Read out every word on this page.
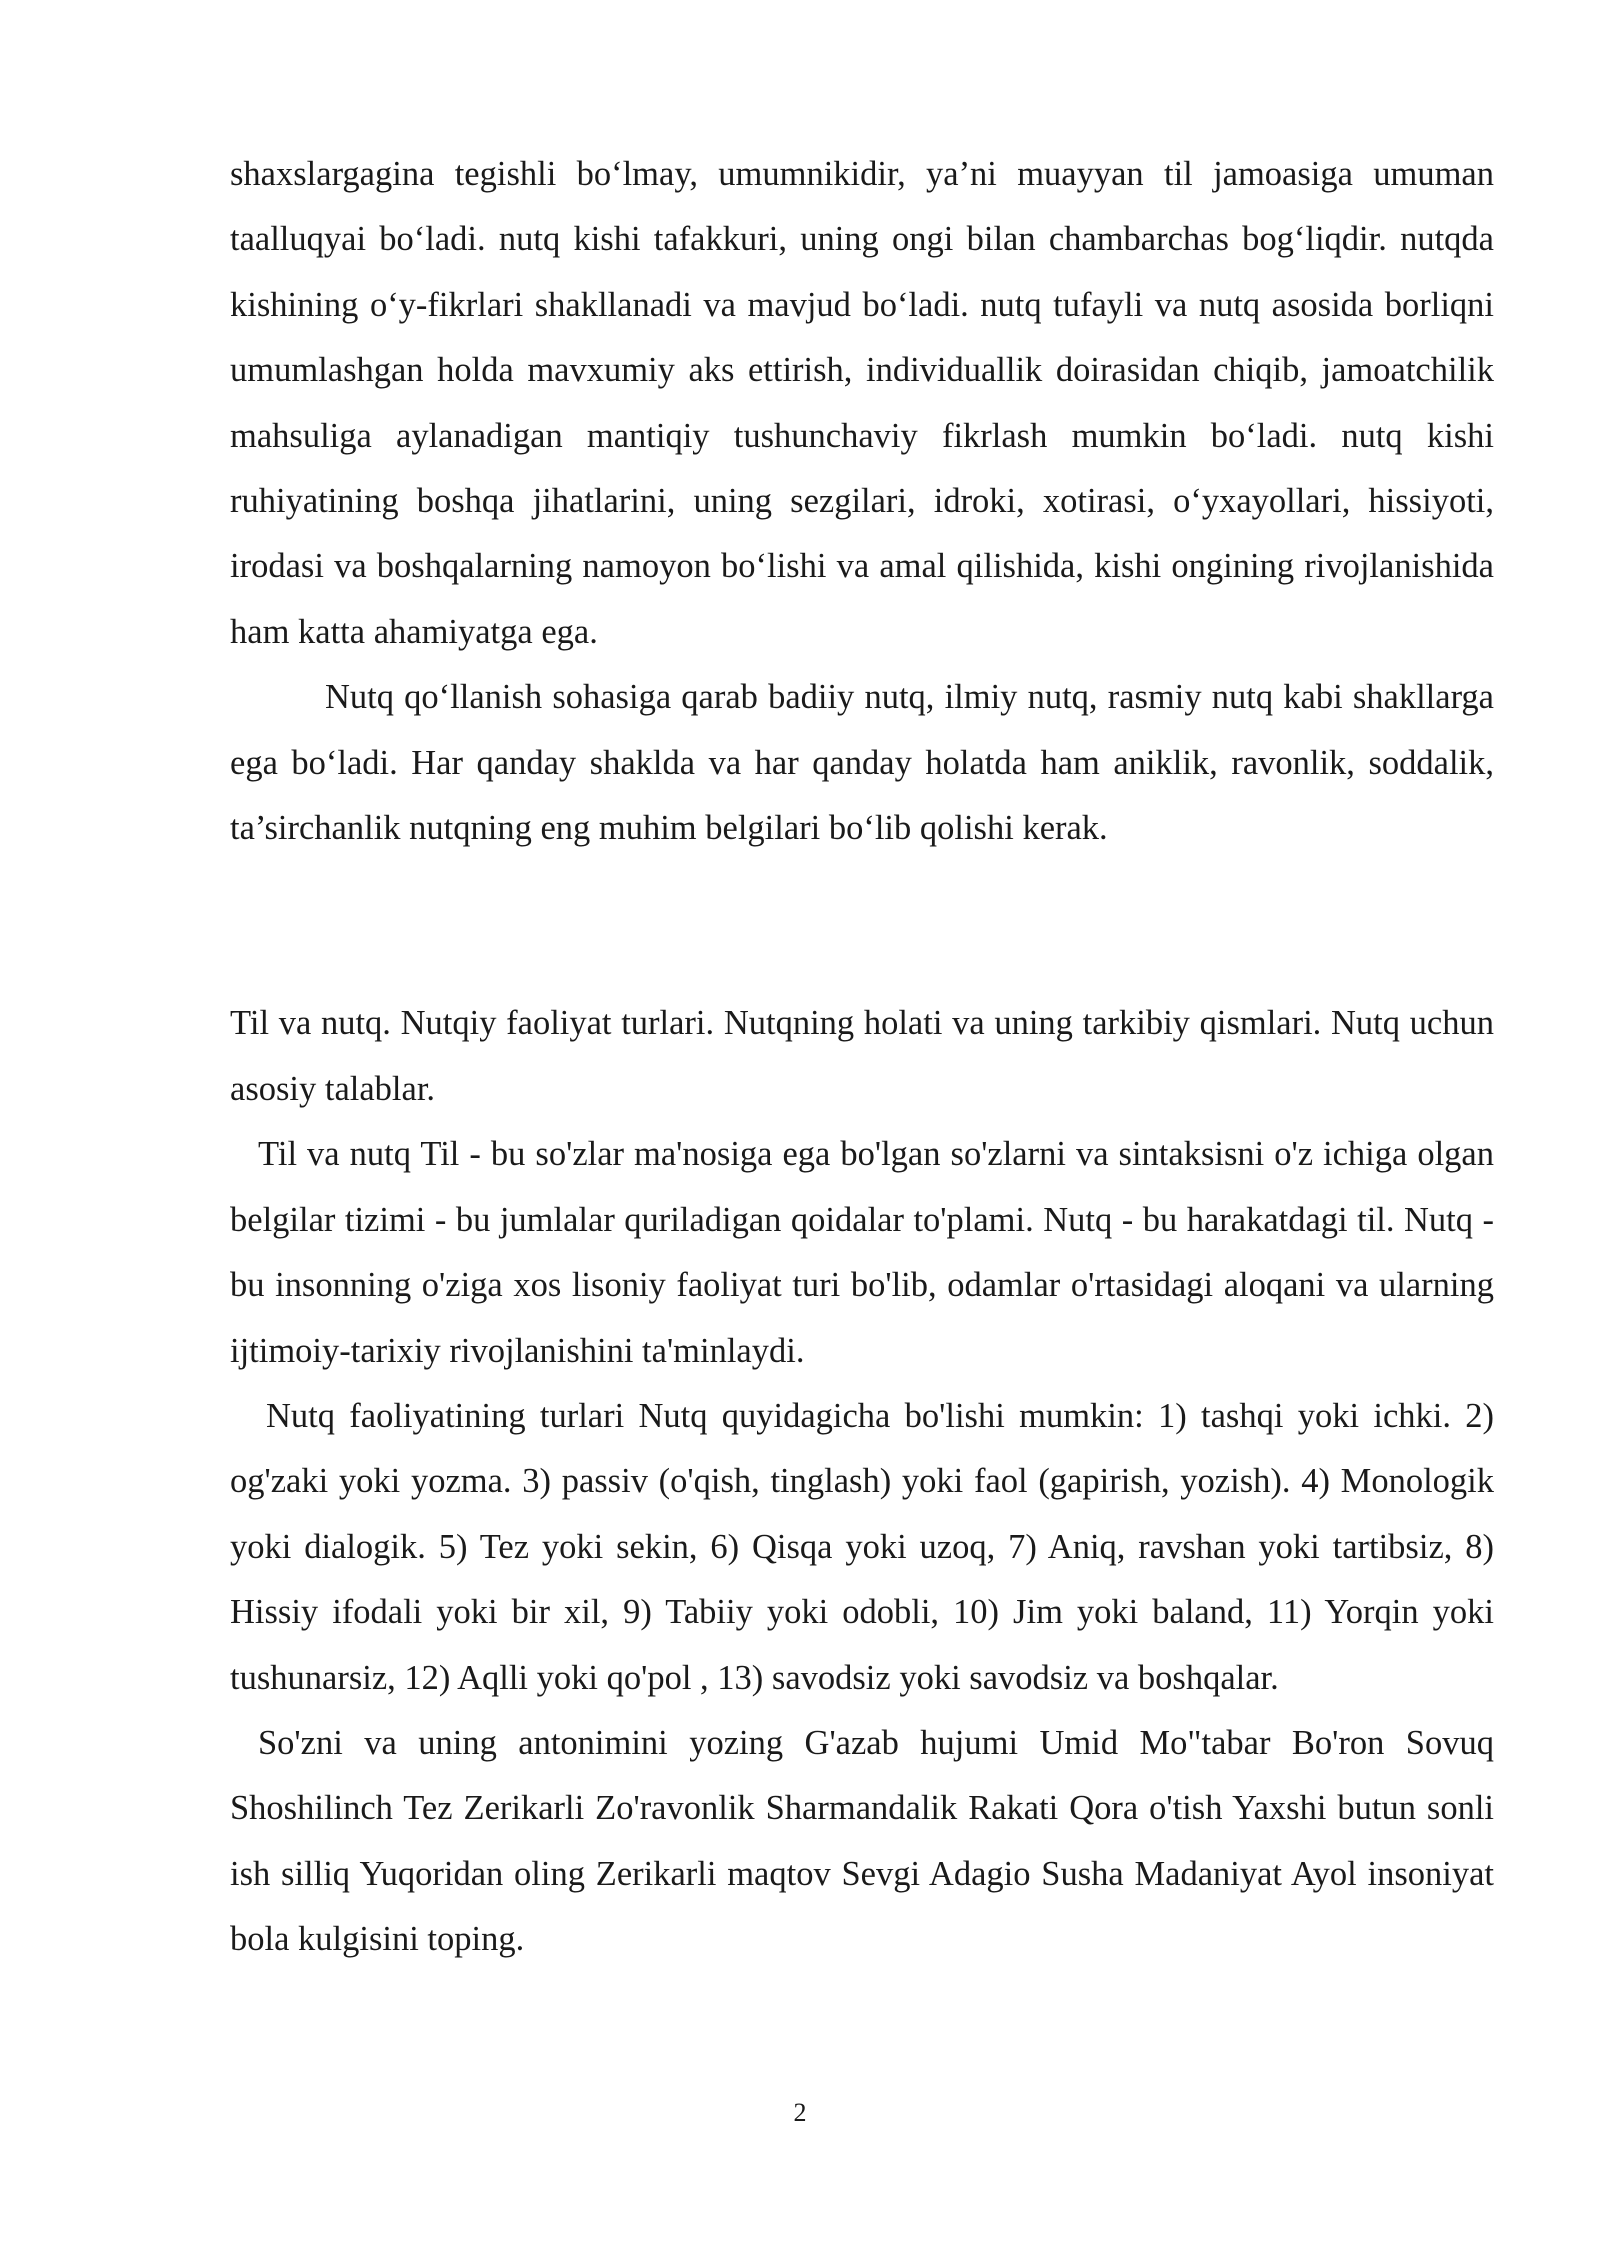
shaxslargagina tegishli bo‘lmay, umumnikidir, ya’ni muayyan til jamoasiga umuman taalluqyai bo‘ladi. nutq kishi tafakkuri, uning ongi bilan chambarchas bog‘liqdir. nutqda kishining o‘y-fikrlari shakllanadi va mavjud bo‘ladi. nutq tufayli va nutq asosida borliqni umumlashgan holda mavxumiy aks ettirish, individuallik doirasidan chiqib, jamoatchilik mahsuliga aylanadigan mantiqiy tushunchaviy fikrlash mumkin bo‘ladi. nutq kishi ruhiyatining boshqa jihatlarini, uning sezgilari, idroki, xotirasi, o‘yxayollari, hissiyoti, irodasi va boshqalarning namoyon bo‘lishi va amal qilishida, kishi ongining rivojlanishida ham katta ahamiyatga ega.

Nutq qo‘llanish sohasiga qarab badiiy nutq, ilmiy nutq, rasmiy nutq kabi shakllarga ega bo‘ladi. Har qanday shaklda va har qanday holatda ham aniklik, ravonlik, soddalik, ta’sirchanlik nutqning eng muhim belgilari bo‘lib qolishi kerak.

Til va nutq. Nutqiy faoliyat turlari. Nutqning holati va uning tarkibiy qismlari. Nutq uchun asosiy talablar.

Til va nutq Til - bu so'zlar ma'nosiga ega bo'lgan so'zlarni va sintaksisni o'z ichiga olgan belgilar tizimi - bu jumlalar quriladigan qoidalar to'plami. Nutq - bu harakatdagi til. Nutq - bu insonning o'ziga xos lisoniy faoliyat turi bo'lib, odamlar o'rtasidagi aloqani va ularning ijtimoiy-tarixiy rivojlanishini ta'minlaydi.

Nutq faoliyatining turlari Nutq quyidagicha bo'lishi mumkin: 1) tashqi yoki ichki. 2) og'zaki yoki yozma. 3) passiv (o'qish, tinglash) yoki faol (gapirish, yozish). 4) Monologik yoki dialogik. 5) Tez yoki sekin, 6) Qisqa yoki uzoq, 7) Aniq, ravshan yoki tartibsiz, 8) Hissiy ifodali yoki bir xil, 9) Tabiiy yoki odobli, 10) Jim yoki baland, 11) Yorqin yoki tushunarsiz, 12) Aqlli yoki qo'pol , 13) savodsiz yoki savodsiz va boshqalar.

So'zni va uning antonimini yozing G'azab hujumi Umid Mo"tabar Bo'ron Sovuq Shoshilinch Tez Zerikarli Zo'ravonlik Sharmandalik Rakati Qora o'tish Yaxshi butun sonli ish silliq Yuqoridan oling Zerikarli maqtov Sevgi Adagio Susha Madaniyat Ayol insoniyat bola kulgisini toping.

2
